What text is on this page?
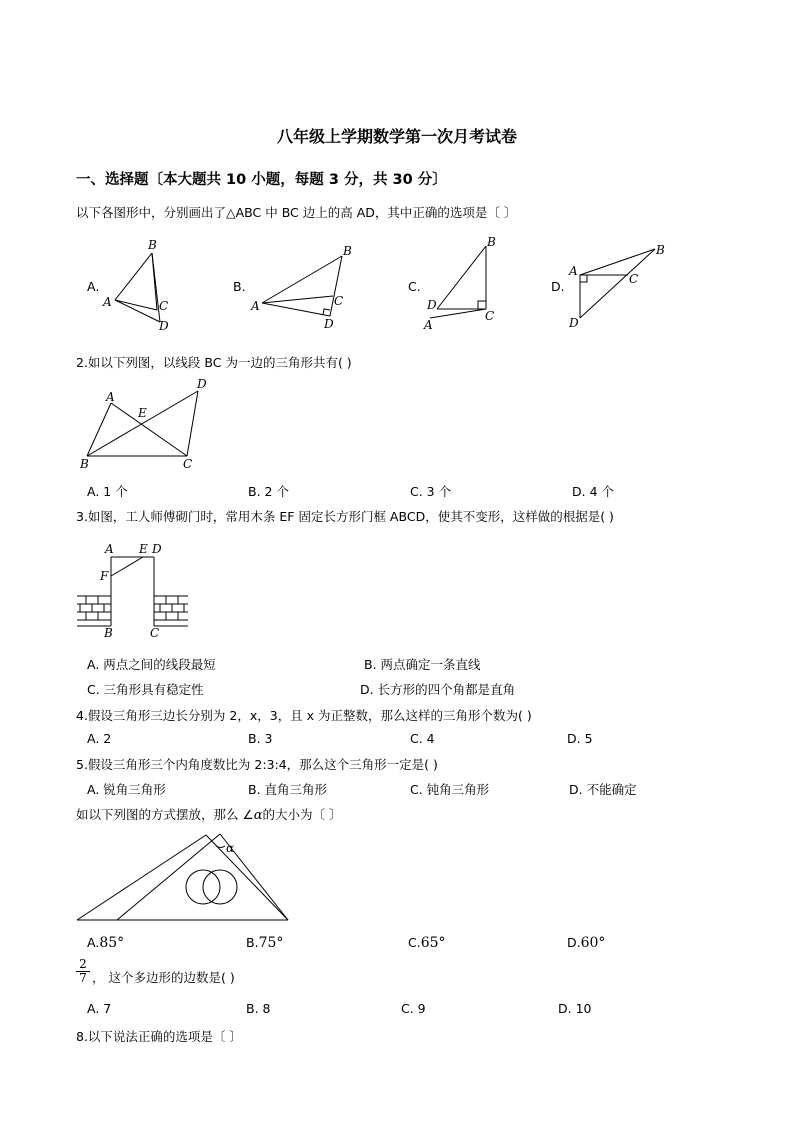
八年级上学期数学第一次月考试卷
一、选择题〔本大题共 10 小题，每题 3 分，共 30 分〕
以下各图形中，分别画出了△ABC 中 BC 边上的高 AD，其中正确的选项是〔 〕
A.	B.	C.	D.
B
A	C
D
B
A	C
D
B
D
A
C
B
A
C
D
2.如以下列图，以线段 BC 为一边的三角形共有( )
A
D
E
B	C
A. 1 个	B. 2 个	C. 3 个	D. 4 个
3.如图，工人师傅砌门时，常用木条 EF 固定长方形门框 ABCD，使其不变形，这样做的根据是( )
A E D
F
B	C
A. 两点之间的线段最短	B. 两点确定一条直线
C. 三角形具有稳定性	D. 长方形的四个角都是直角
4.假设三角形三边长分别为 2，x，3，且 x 为正整数，那么这样的三角形个数为( )
A. 2	B. 3	C. 4	D. 5
5.假设三角形三个内角度数比为 2:3:4，那么这个三角形一定是( )
A. 锐角三角形	B. 直角三角形	C. 钝角三角形	D. 不能确定
如以下列图的方式摆放，那么 ∠α的大小为〔 〕
α
A.85°	B.75°	C.65°	D.60°
$\frac{2}{7}$ ， 这个多边形的边数是( )
A. 7	B. 8	C. 9	D. 10
8.以下说法正确的选项是〔 〕
